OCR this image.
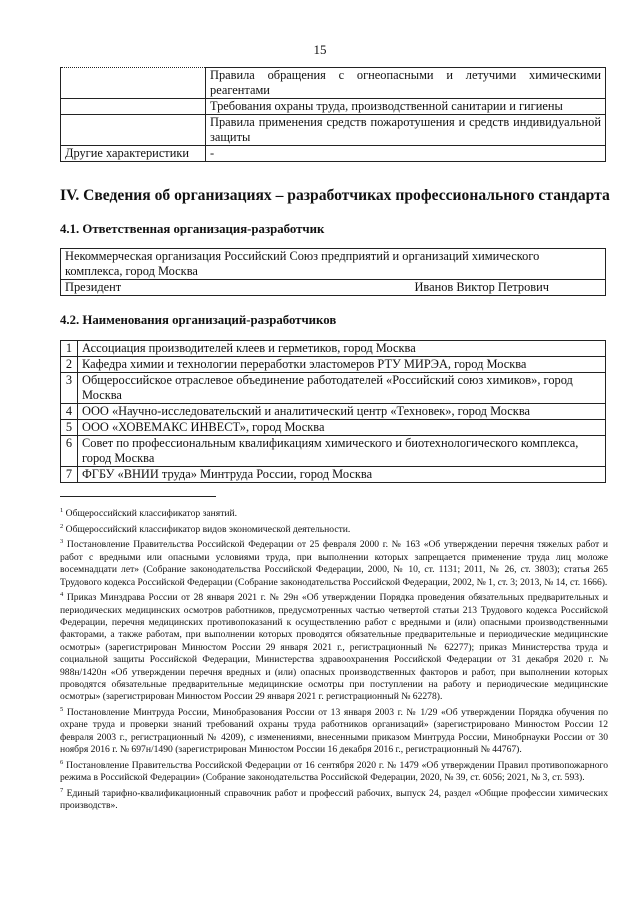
15
	Правила обращения с огнеопасными и летучими химическими реагентами
	Требования охраны труда, производственной санитарии и гигиены
	Правила применения средств пожаротушения и средств индивидуальной защиты
Другие характеристики	-
IV. Сведения об организациях – разработчиках профессионального стандарта
4.1. Ответственная организация-разработчик
Некоммерческая организация Российский Союз предприятий и организаций химического комплекса, город Москва

Президент	Иванов Виктор Петрович
4.2. Наименования организаций-разработчиков
1	Ассоциация производителей клеев и герметиков, город Москва
2	Кафедра химии и технологии переработки эластомеров РТУ МИРЭА, город Москва
3	Общероссийское отраслевое объединение работодателей «Российский союз химиков», город Москва
4	ООО «Научно-исследовательский и аналитический центр «Техновек», город Москва
5	ООО «ХОВЕМАКС ИНВЕСТ», город Москва
6	Совет по профессиональным квалификациям химического и биотехнологического комплекса, город Москва
7	ФГБУ «ВНИИ труда» Минтруда России, город Москва

$^1$ Общероссийский классификатор занятий.

$^2$ Общероссийский классификатор видов экономической деятельности.

$^3$ Постановление Правительства Российской Федерации от 25 февраля 2000 г. № 163 «Об утверждении перечня тяжелых работ и работ с вредными или опасными условиями труда, при выполнении которых запрещается применение труда лиц моложе восемнадцати лет» (Собрание законодательства Российской Федерации, 2000, № 10, ст. 1131; 2011, № 26, ст. 3803); статья 265 Трудового кодекса Российской Федерации (Собрание законодательства Российской Федерации, 2002, № 1, ст. 3; 2013, № 14, ст. 1666).

$^4$ Приказ Минздрава России от 28 января 2021 г. № 29н «Об утверждении Порядка проведения обязательных предварительных и периодических медицинских осмотров работников, предусмотренных частью четвертой статьи 213 Трудового кодекса Российской Федерации, перечня медицинских противопоказаний к осуществлению работ с вредными и (или) опасными производственными факторами, а также работам, при выполнении которых проводятся обязательные предварительные и периодические медицинские осмотры» (зарегистрирован Минюстом России 29 января 2021 г., регистрационный № 62277); приказ Министерства труда и социальной защиты Российской Федерации, Министерства здравоохранения Российской Федерации от 31 декабря 2020 г. № 988н/1420н «Об утверждении перечня вредных и (или) опасных производственных факторов и работ, при выполнении которых проводятся обязательные предварительные медицинские осмотры при поступлении на работу и периодические медицинские осмотры» (зарегистрирован Минюстом России 29 января 2021 г. регистрационный № 62278).

$^5$ Постановление Минтруда России, Минобразования России от 13 января 2003 г. № 1/29 «Об утверждении Порядка обучения по охране труда и проверки знаний требований охраны труда работников организаций» (зарегистрировано Минюстом России 12 февраля 2003 г., регистрационный № 4209), с изменениями, внесенными приказом Минтруда России, Минобрнауки России от 30 ноября 2016 г. № 697н/1490 (зарегистрирован Минюстом России 16 декабря 2016 г., регистрационный № 44767).

$^6$ Постановление Правительства Российской Федерации от 16 сентября 2020 г. № 1479 «Об утверждении Правил противопожарного режима в Российской Федерации» (Собрание законодательства Российской Федерации, 2020, № 39, ст. 6056; 2021, № 3, ст. 593).

$^7$ Единый тарифно-квалификационный справочник работ и профессий рабочих, выпуск 24, раздел «Общие профессии химических производств».
